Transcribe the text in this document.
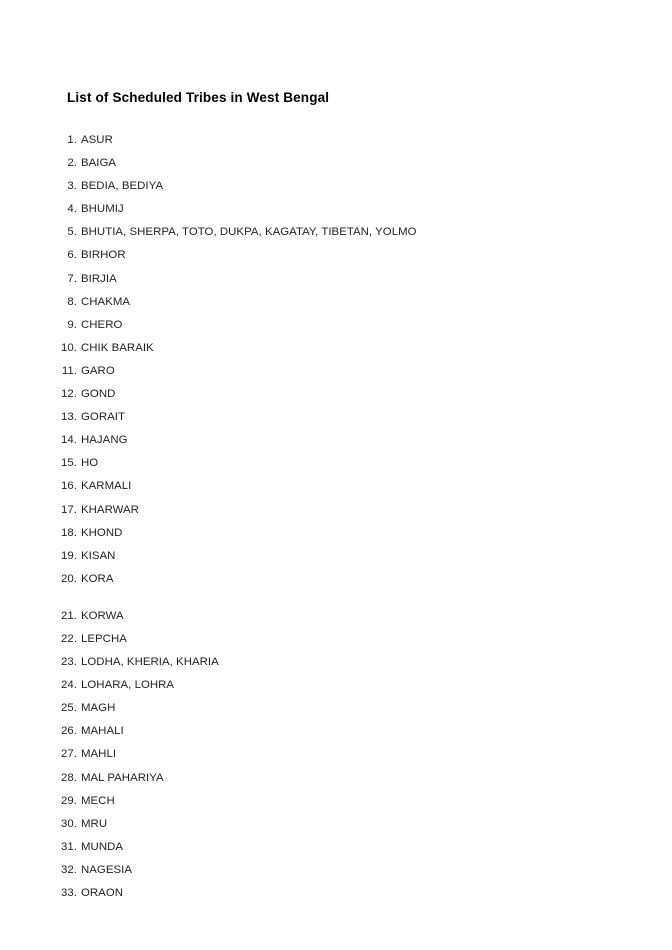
List of Scheduled Tribes in West Bengal
1. ASUR
2. BAIGA
3. BEDIA, BEDIYA
4. BHUMIJ
5. BHUTIA, SHERPA, TOTO, DUKPA, KAGATAY, TIBETAN, YOLMO
6. BIRHOR
7. BIRJIA
8. CHAKMA
9. CHERO
10. CHIK BARAIK
11. GARO
12. GOND
13. GORAIT
14. HAJANG
15. HO
16. KARMALI
17. KHARWAR
18. KHOND
19. KISAN
20. KORA
21. KORWA
22. LEPCHA
23. LODHA, KHERIA, KHARIA
24. LOHARA, LOHRA
25. MAGH
26. MAHALI
27. MAHLI
28. MAL PAHARIYA
29. MECH
30. MRU
31. MUNDA
32. NAGESIA
33. ORAON
